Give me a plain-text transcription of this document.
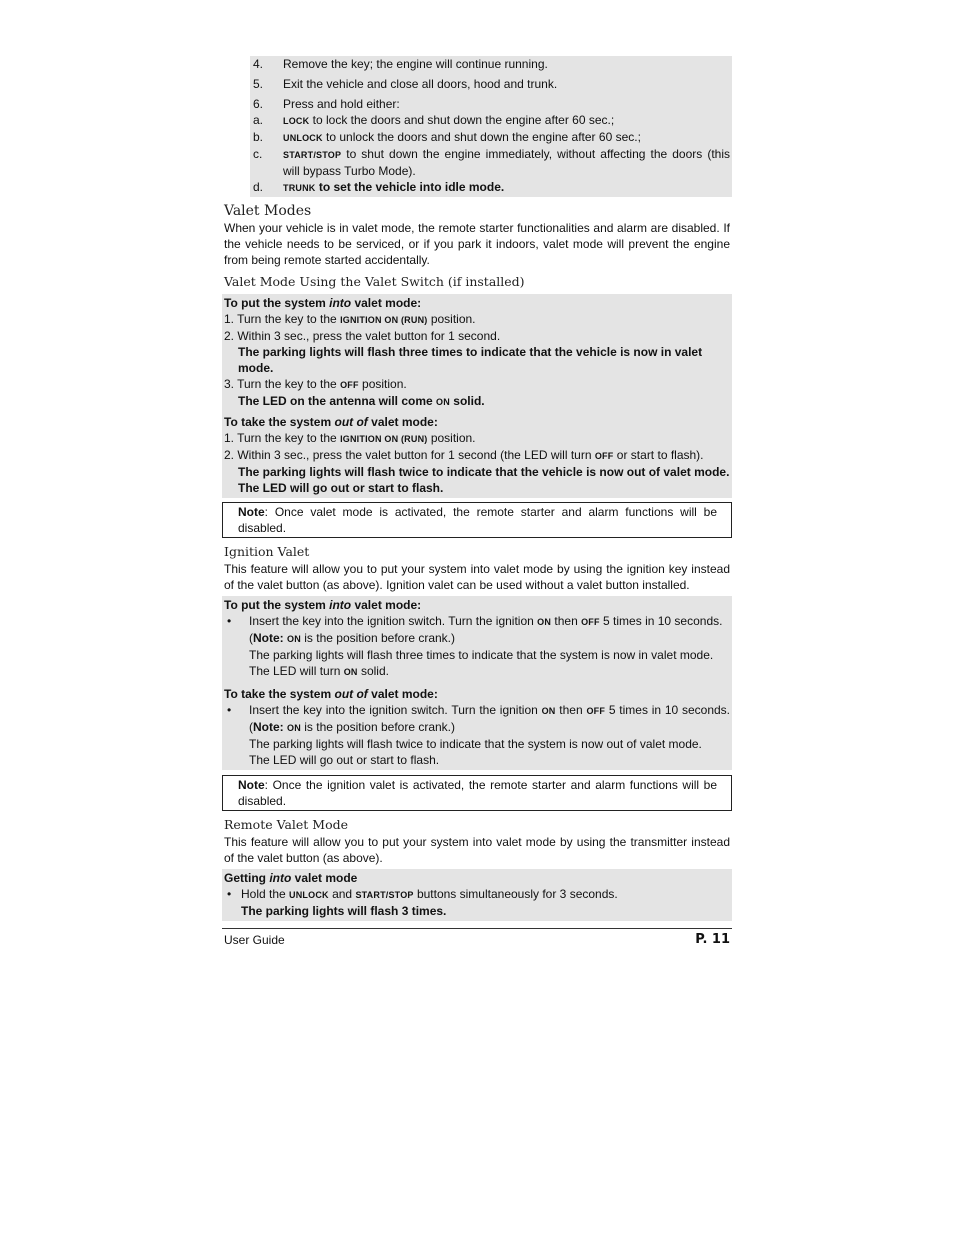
4.	Remove the key; the engine will continue running.
5.	Exit the vehicle and close all doors, hood and trunk.
6.	Press and hold either:
a.	LOCK to lock the doors and shut down the engine after 60 sec.;
b.	UNLOCK to unlock the doors and shut down the engine after 60 sec.;
c.	START/STOP to shut down the engine immediately, without affecting the doors (this will bypass Turbo Mode).
d.	TRUNK to set the vehicle into idle mode.
Valet Modes
When your vehicle is in valet mode, the remote starter functionalities and alarm are disabled. If the vehicle needs to be serviced, or if you park it indoors, valet mode will prevent the engine from being remote started accidentally.
Valet Mode Using the Valet Switch (if installed)
To put the system into valet mode:
1. Turn the key to the IGNITION ON (RUN) position.
2. Within 3 sec., press the valet button for 1 second.
The parking lights will flash three times to indicate that the vehicle is now in valet mode.
3. Turn the key to the OFF position.
The LED on the antenna will come ON solid.
To take the system out of valet mode:
1. Turn the key to the IGNITION ON (RUN) position.
2. Within 3 sec., press the valet button for 1 second (the LED will turn OFF or start to flash).
The parking lights will flash twice to indicate that the vehicle is now out of valet mode.
The LED will go out or start to flash.
Note: Once valet mode is activated, the remote starter and alarm functions will be disabled.
Ignition Valet
This feature will allow you to put your system into valet mode by using the ignition key instead of the valet button (as above). Ignition valet can be used without a valet button installed.
To put the system into valet mode:
•	Insert the key into the ignition switch. Turn the ignition ON then OFF 5 times in 10 seconds.
(Note: ON is the position before crank.)
The parking lights will flash three times to indicate that the system is now in valet mode.
The LED will turn ON solid.
To take the system out of valet mode:
•	Insert the key into the ignition switch. Turn the ignition ON then OFF 5 times in 10 seconds. (Note: ON is the position before crank.)
The parking lights will flash twice to indicate that the system is now out of valet mode.
The LED will go out or start to flash.
Note: Once the ignition valet is activated, the remote starter and alarm functions will be disabled.
Remote Valet Mode
This feature will allow you to put your system into valet mode by using the transmitter instead of the valet button (as above).
Getting into valet mode
• Hold the UNLOCK and START/STOP buttons simultaneously for 3 seconds.
The parking lights will flash 3 times.
User Guide	P. 11
